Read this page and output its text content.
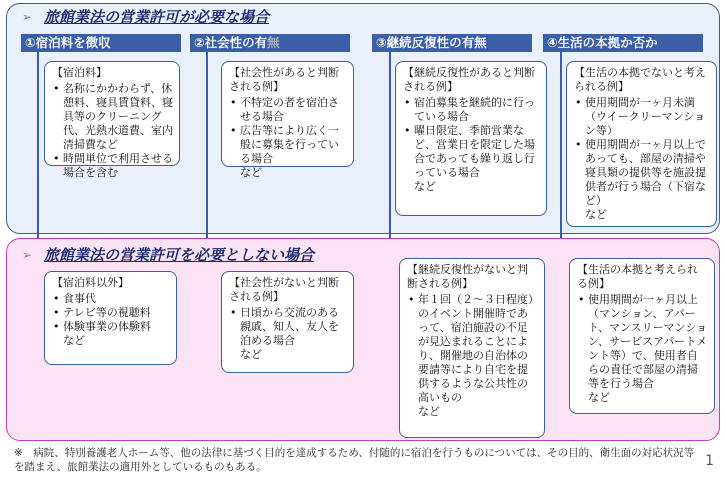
➢ 旅館業法の営業許可が必要な場合
①宿泊料を徴収	②社会性の有無	③継続反復性の有無	④生活の本拠か否か
【宿泊料】
• 名称にかかわらず、休憩料、寝具賃貸料、寝具等のクリーニング代、光熱水道費、室内清掃費など
• 時間単位で利用させる場合を含む
【社会性があると判断される例】
• 不特定の者を宿泊させる場合
• 広告等により広く一般に募集を行っている場合
など
【継続反復性があると判断される例】
• 宿泊募集を継続的に行っている場合
• 曜日限定、季節営業など、営業日を限定した場合であっても繰り返し行っている場合
など
【生活の本拠でないと考えられる例】
• 使用期間が一ヶ月未満（ウイークリーマンション等）
• 使用期間が一ヶ月以上であっても、部屋の清掃や寝具類の提供等を施設提供者が行う場合（下宿など）
など
➢ 旅館業法の営業許可を必要としない場合
【宿泊料以外】
• 食事代
• テレビ等の視聴料
• 体験事業の体験料
など
【社会性がないと判断される例】
• 日頃から交流のある親戚、知人、友人を泊める場合
など
【継続反復性がないと判断される例】
• 年１回（２～３日程度）のイベント開催時であって、宿泊施設の不足が見込まれることにより、開催地の自治体の要請等により自宅を提供するような公共性の高いもの
など
【生活の本拠と考えられる例】
• 使用期間が一ヶ月以上（マンション、アパート、マンスリーマンション、サービスアパートメント等）で、使用者自らの責任で部屋の清掃等を行う場合
など
※　病院、特別養護老人ホーム等、他の法律に基づく目的を達成するため、付随的に宿泊を行うものについては、その目的、衛生面の対応状況等を踏まえ、旅館業法の適用外としているものもある。	1
